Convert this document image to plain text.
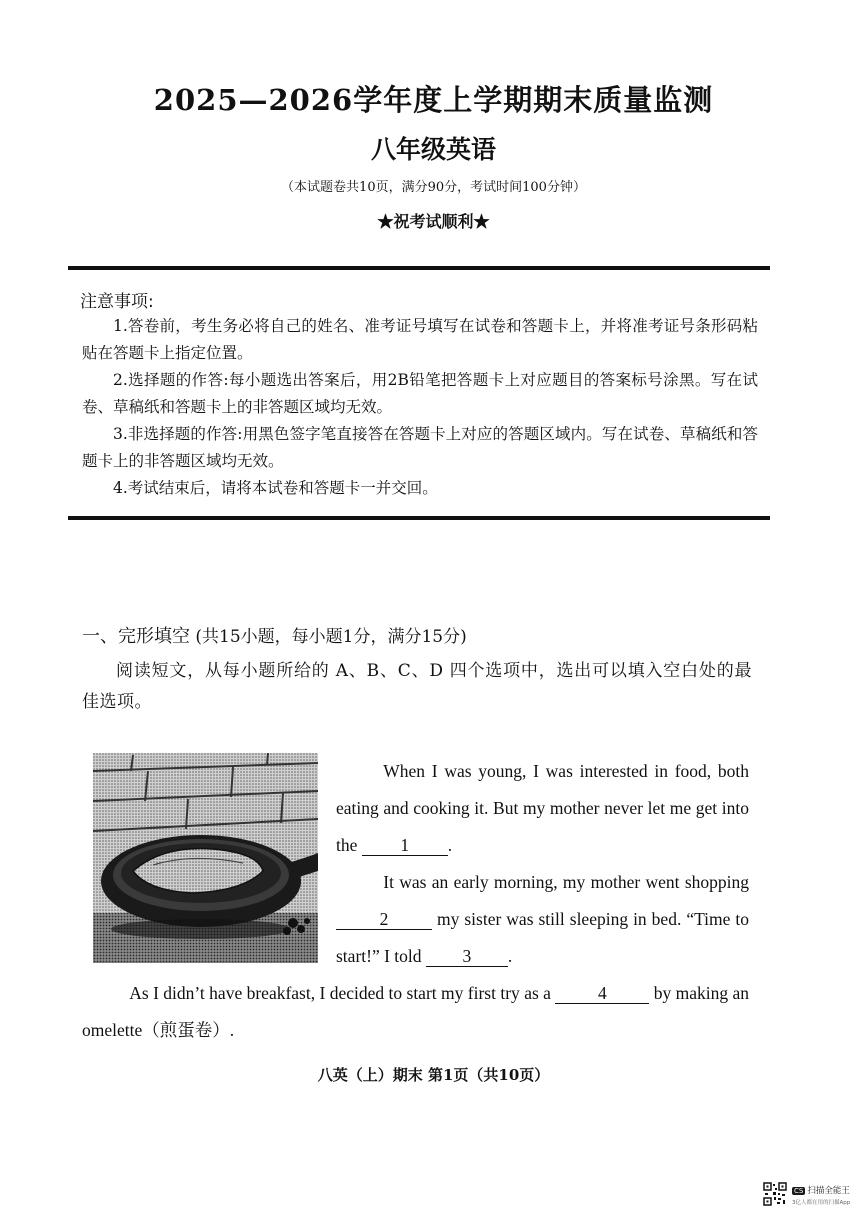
2025—2026学年度上学期期末质量监测
八年级英语
（本试题卷共10页，满分90分，考试时间100分钟）
★祝考试顺利★
注意事项:

1.答卷前，考生务必将自己的姓名、准考证号填写在试卷和答题卡上，并将准考证号条形码粘贴在答题卡上指定位置。

2.选择题的作答:每小题选出答案后，用2B铅笔把答题卡上对应题目的答案标号涂黑。写在试卷、草稿纸和答题卡上的非答题区域均无效。

3.非选择题的作答:用黑色签字笔直接答在答题卡上对应的答题区域内。写在试卷、草稿纸和答题卡上的非答题区域均无效。

4.考试结束后，请将本试卷和答题卡一并交回。

一、完形填空 (共15小题，每小题1分，满分15分)

阅读短文，从每小题所给的 A、B、C、D 四个选项中，选出可以填入空白处的最佳选项。

When I was young, I was interested in food, both eating and cooking it. But my mother never let me get into the 1 .

It was an early morning, my mother went shopping 2	my sister was still sleeping in bed. “Time to start!” I told 3 .

As I didn’t have breakfast, I decided to start my first try as a	4	by making an omelette（煎蛋卷）.

八英（上）期末 第1页（共10页）
CS 扫描全能王
3亿人都在用的扫描App
